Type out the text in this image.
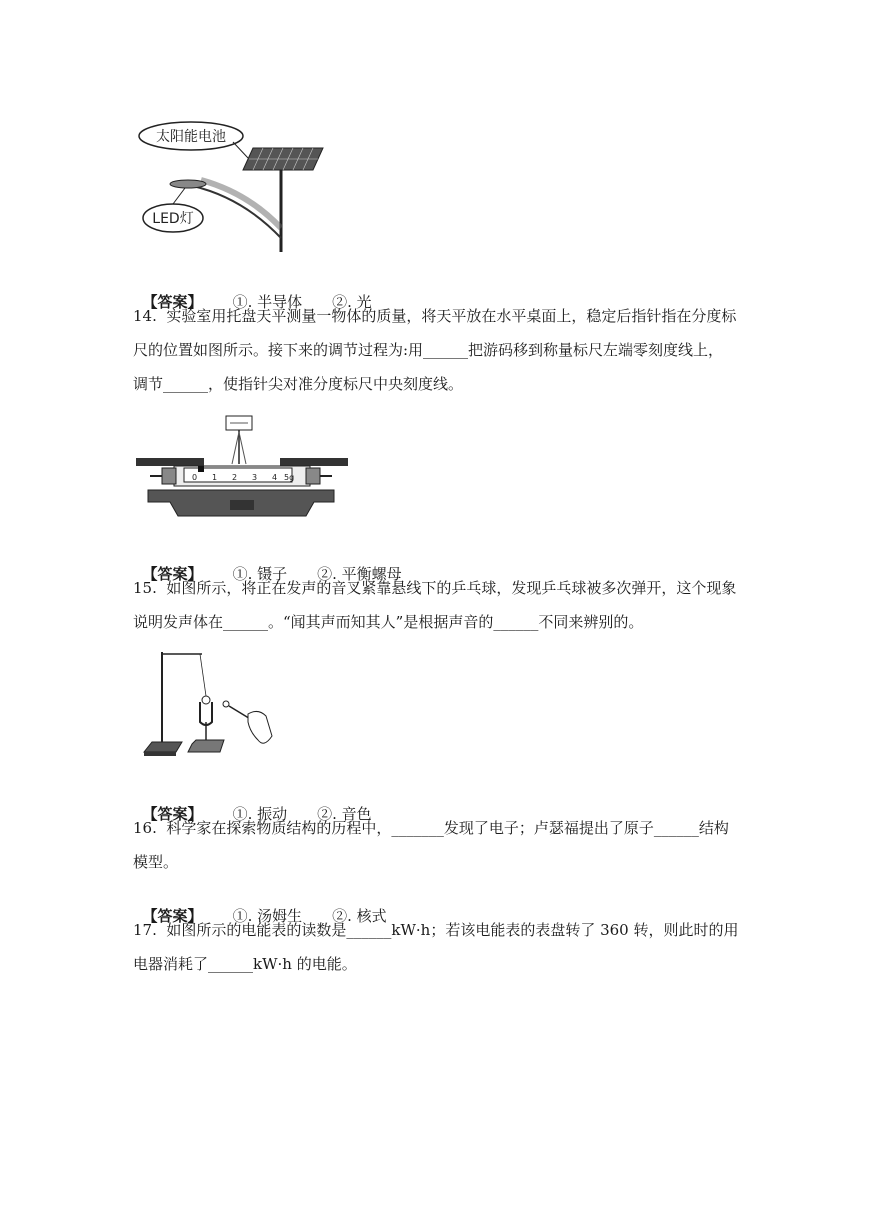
太阳能电池
LED灯

【答案】 ①. 半导体 ②. 光

14.  实验室用托盘天平测量一物体的质量，将天平放在水平桌面上，稳定后指针指在分度标
尺的位置如图所示。接下来的调节过程为:用______把游码移到称量标尺左端零刻度线上，
调节______，使指针尖对准分度标尺中央刻度线。
0 1 2 3 4 5g

【答案】 ①. 镊子 ②. 平衡螺母

15.  如图所示，将正在发声的音叉紧靠悬线下的乒乓球，发现乒乓球被多次弹开，这个现象
说明发声体在______。“闻其声而知其人”是根据声音的______不同来辨别的。

【答案】 ①. 振动 ②. 音色

16.  科学家在探索物质结构的历程中，_______发现了电子；卢瑟福提出了原子______结构
模型。

【答案】 ①. 汤姆生 ②. 核式

17.  如图所示的电能表的读数是______kW·h；若该电能表的表盘转了 360 转，则此时的用
电器消耗了______kW·h 的电能。
